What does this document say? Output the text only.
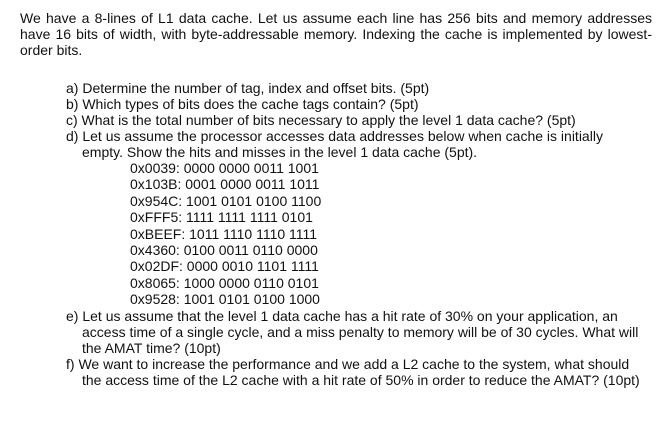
We have a 8-lines of L1 data cache. Let us assume each line has 256 bits and memory addresses have 16 bits of width, with byte-addressable memory. Indexing the cache is implemented by lowest-order bits.

a) Determine the number of tag, index and offset bits. (5pt)
b) Which types of bits does the cache tags contain? (5pt)
c) What is the total number of bits necessary to apply the level 1 data cache? (5pt)
d) Let us assume the processor accesses data addresses below when cache is initially empty. Show the hits and misses in the level 1 data cache (5pt).
0x0039: 0000 0000 0011 1001
0x103B: 0001 0000 0011 1011
0x954C: 1001 0101 0100 1100
0xFFF5: 1111 1111 1111 0101
0xBEEF: 1011 1110 1110 1111
0x4360: 0100 0011 0110 0000
0x02DF: 0000 0010 1101 1111
0x8065: 1000 0000 0110 0101
0x9528: 1001 0101 0100 1000
e) Let us assume that the level 1 data cache has a hit rate of 30% on your application, an access time of a single cycle, and a miss penalty to memory will be of 30 cycles. What will the AMAT time? (10pt)
f) We want to increase the performance and we add a L2 cache to the system, what should the access time of the L2 cache with a hit rate of 50% in order to reduce the AMAT? (10pt)
